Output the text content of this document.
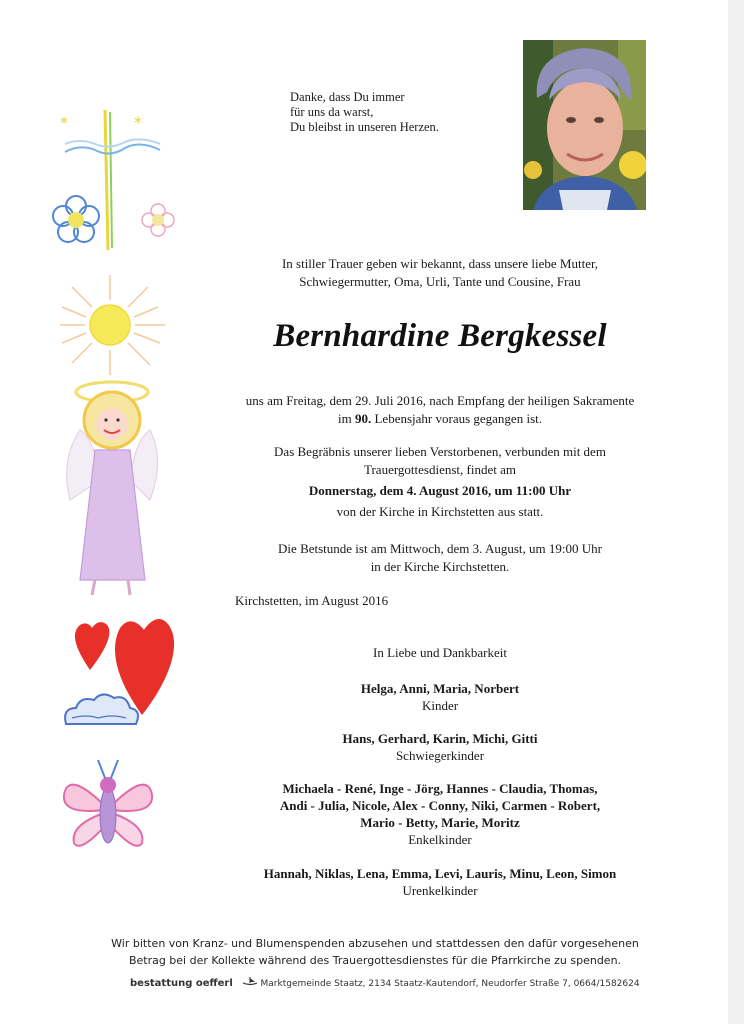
*	*
Danke, dass Du immer
für uns da warst,
Du bleibst in unseren Herzen.
In stiller Trauer geben wir bekannt, dass unsere liebe Mutter,
Schwiegermutter, Oma, Urli, Tante und Cousine, Frau
Bernhardine Bergkessel
uns am Freitag, dem 29. Juli 2016, nach Empfang der heiligen Sakramente
im 90. Lebensjahr voraus gegangen ist.
Das Begräbnis unserer lieben Verstorbenen, verbunden mit dem
Trauergottesdienst, findet am
Donnerstag, dem 4. August 2016, um 11:00 Uhr
von der Kirche in Kirchstetten aus statt.
Die Betstunde ist am Mittwoch, dem 3. August, um 19:00 Uhr
in der Kirche Kirchstetten.
Kirchstetten, im August 2016
In Liebe und Dankbarkeit
Helga, Anni, Maria, Norbert
Kinder
Hans, Gerhard, Karin, Michi, Gitti
Schwiegerkinder
Michaela - René, Inge - Jörg, Hannes - Claudia, Thomas,
Andi - Julia, Nicole, Alex - Conny, Niki, Carmen - Robert,
Mario - Betty, Marie, Moritz
Enkelkinder
Hannah, Niklas, Lena, Emma, Levi, Lauris, Minu, Leon, Simon
Urenkelkinder
Wir bitten von Kranz- und Blumenspenden abzusehen und stattdessen den dafür vorgesehenen
Betrag bei der Kollekte während des Trauergottesdienstes für die Pfarrkirche zu spenden.
bestattung oefferl	Marktgemeinde Staatz, 2134 Staatz-Kautendorf, Neudorfer Straße 7, 0664/1582624
